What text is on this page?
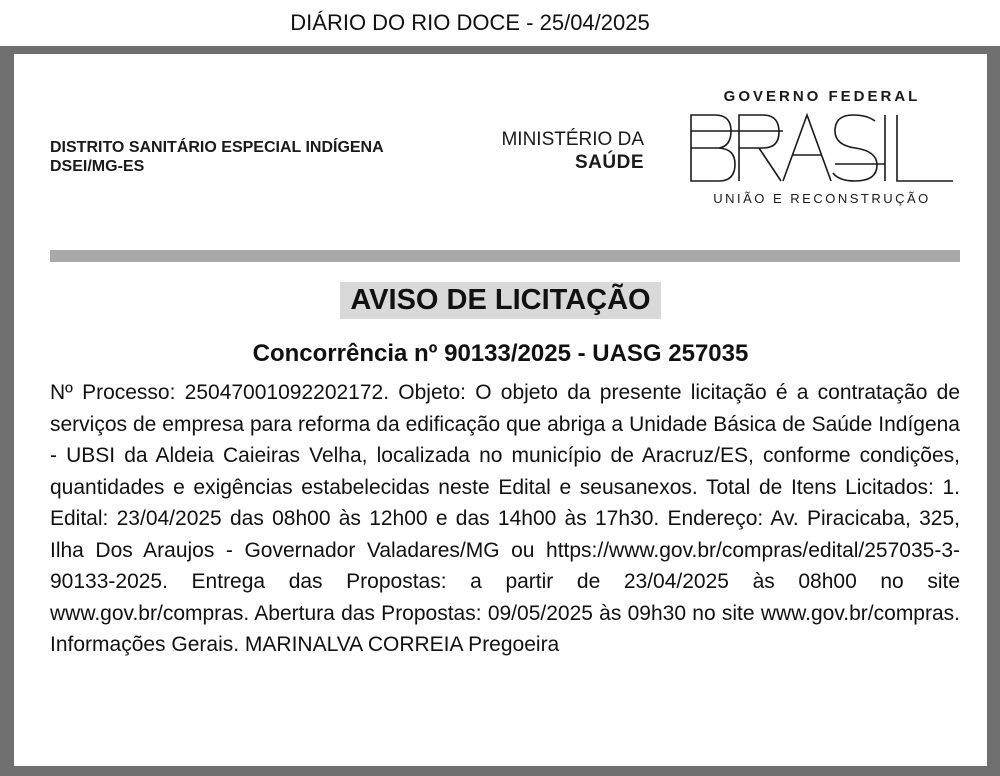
DIÁRIO DO RIO DOCE - 25/04/2025
DISTRITO SANITÁRIO ESPECIAL INDÍGENA
DSEI/MG-ES
MINISTÉRIO DA
SAÚDE
GOVERNO FEDERAL
UNIÃO E RECONSTRUÇÃO
AVISO DE LICITAÇÃO
Concorrência nº 90133/2025 - UASG 257035
Nº Processo: 25047001092202172. Objeto: O objeto da presente licitação é a contratação de serviços de empresa para reforma da edificação que abriga a Unidade Básica de Saúde Indígena - UBSI da Aldeia Caieiras Velha, localizada no município de Aracruz/ES, conforme condições, quantidades e exigências estabelecidas neste Edital e seusanexos. Total de Itens Licitados: 1. Edital: 23/04/2025 das 08h00 às 12h00 e das 14h00 às 17h30. Endereço: Av. Piracicaba, 325, Ilha Dos Araujos - Governador Valadares/MG ou https://www.gov.br/compras/edital/257035-3-90133-2025. Entrega das Propostas: a partir de 23/04/2025 às 08h00 no site www.gov.br/compras. Abertura das Propostas: 09/05/2025 às 09h30 no site www.gov.br/compras. Informações Gerais. MARINALVA CORREIA Pregoeira
